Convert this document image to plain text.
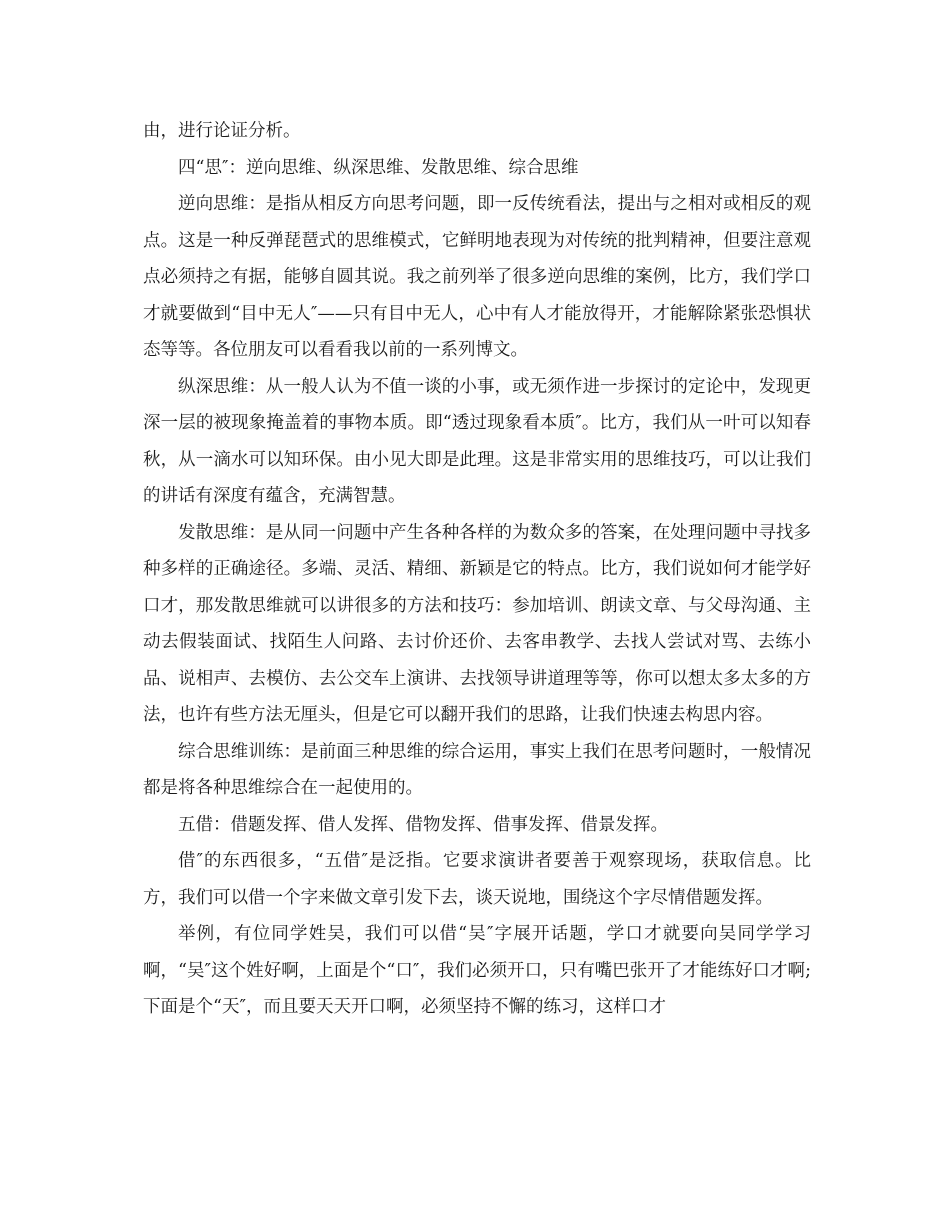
由，进行论证分析。

四“思″：逆向思维、纵深思维、发散思维、综合思维

逆向思维：是指从相反方向思考问题，即一反传统看法，提出与之相对或相反的观点。这是一种反弹琵琶式的思维模式，它鲜明地表现为对传统的批判精神，但要注意观点必须持之有据，能够自圆其说。我之前列举了很多逆向思维的案例，比方，我们学口才就要做到“目中无人″——只有目中无人，心中有人才能放得开，才能解除紧张恐惧状态等等。各位朋友可以看看我以前的一系列博文。

纵深思维：从一般人认为不值一谈的小事，或无须作进一步探讨的定论中，发现更深一层的被现象掩盖着的事物本质。即“透过现象看本质″。比方，我们从一叶可以知春秋，从一滴水可以知环保。由小见大即是此理。这是非常实用的思维技巧，可以让我们的讲话有深度有蕴含，充满智慧。

发散思维：是从同一问题中产生各种各样的为数众多的答案，在处理问题中寻找多种多样的正确途径。多端、灵活、精细、新颖是它的特点。比方，我们说如何才能学好口才，那发散思维就可以讲很多的方法和技巧：参加培训、朗读文章、与父母沟通、主动去假装面试、找陌生人问路、去讨价还价、去客串教学、去找人尝试对骂、去练小品、说相声、去模仿、去公交车上演讲、去找领导讲道理等等，你可以想太多太多的方法，也许有些方法无厘头，但是它可以翻开我们的思路，让我们快速去构思内容。

综合思维训练：是前面三种思维的综合运用，事实上我们在思考问题时，一般情况都是将各种思维综合在一起使用的。

五借：借题发挥、借人发挥、借物发挥、借事发挥、借景发挥。

借″的东西很多，“五借″是泛指。它要求演讲者要善于观察现场，获取信息。比方，我们可以借一个字来做文章引发下去，谈天说地，围绕这个字尽情借题发挥。

举例，有位同学姓吴，我们可以借“吴″字展开话题，学口才就要向吴同学学习啊，“吴″这个姓好啊，上面是个“口″，我们必须开口，只有嘴巴张开了才能练好口才啊;下面是个“天″，而且要天天开口啊，必须坚持不懈的练习，这样口才
